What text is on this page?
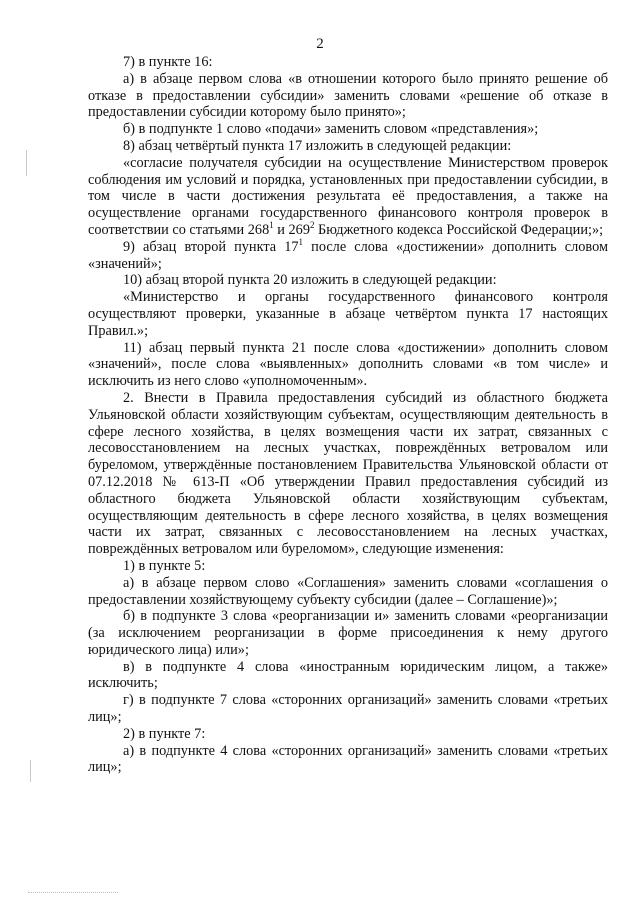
2

7) в пункте 16:

а) в абзаце первом слова «в отношении которого было принято решение об отказе в предоставлении субсидии» заменить словами «решение об отказе в предоставлении субсидии которому было принято»;

б) в подпункте 1 слово «подачи» заменить словом «представления»;

8) абзац четвёртый пункта 17 изложить в следующей редакции:

«согласие получателя субсидии на осуществление Министерством проверок соблюдения им условий и порядка, установленных при предоставлении субсидии, в том числе в части достижения результата её предоставления, а также на осуществление органами государственного финансового контроля проверок в соответствии со статьями $268^1$ и $269^2$ Бюджетного кодекса Российской Федерации;»;

9) абзац второй пункта $17^1$ после слова «достижении» дополнить словом «значений»;

10) абзац второй пункта 20 изложить в следующей редакции:

«Министерство и органы государственного финансового контроля осуществляют проверки, указанные в абзаце четвёртом пункта 17 настоящих Правил.»;

11) абзац первый пункта 21 после слова «достижении» дополнить словом «значений», после слова «выявленных» дополнить словами «в том числе» и исключить из него слово «уполномоченным».

2. Внести в Правила предоставления субсидий из областного бюджета Ульяновской области хозяйствующим субъектам, осуществляющим деятельность в сфере лесного хозяйства, в целях возмещения части их затрат, связанных с лесовосстановлением на лесных участках, повреждённых ветровалом или буреломом, утверждённые постановлением Правительства Ульяновской области от 07.12.2018 № 613-П «Об утверждении Правил предоставления субсидий из областного бюджета Ульяновской области хозяйствующим субъектам, осуществляющим деятельность в сфере лесного хозяйства, в целях возмещения части их затрат, связанных с лесовосстановлением на лесных участках, повреждённых ветровалом или буреломом», следующие изменения:

1) в пункте 5:

а) в абзаце первом слово «Соглашения» заменить словами «соглашения о предоставлении хозяйствующему субъекту субсидии (далее – Соглашение)»;

б) в подпункте 3 слова «реорганизации и» заменить словами «реорганизации (за исключением реорганизации в форме присоединения к нему другого юридического лица) или»;

в) в подпункте 4 слова «иностранным юридическим лицом, а также» исключить;

г) в подпункте 7 слова «сторонних организаций» заменить словами «третьих лиц»;

2) в пункте 7:

а) в подпункте 4 слова «сторонних организаций» заменить словами «третьих лиц»;
